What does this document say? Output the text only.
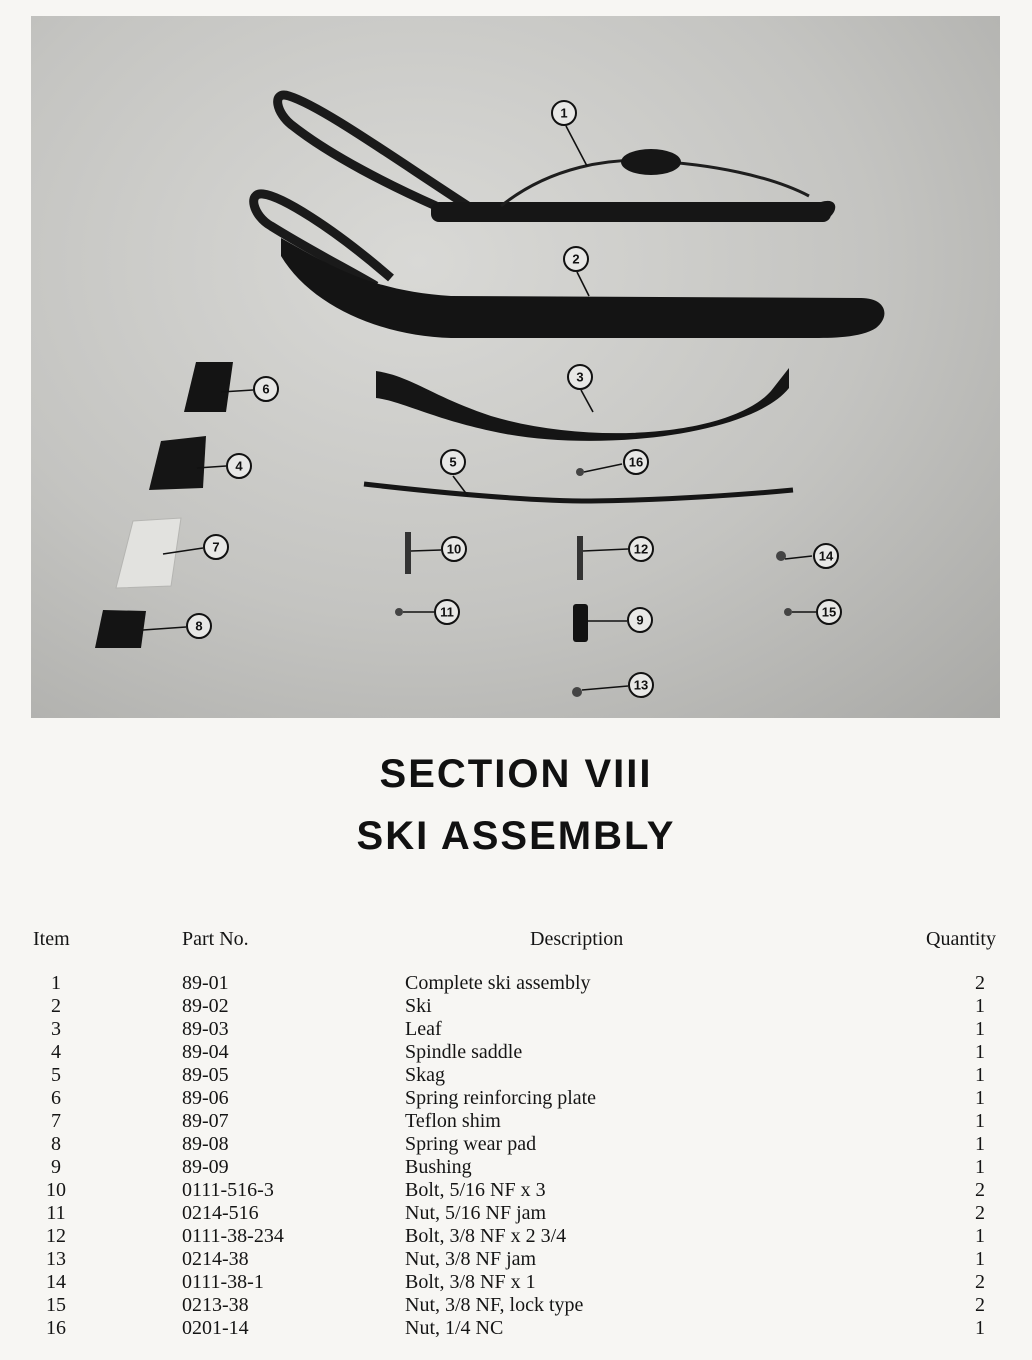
1
2
3
4	5
6
7
8	9
10
11
12
13
14
15
16
SECTION VIII
SKI ASSEMBLY
Item	Part No.	Description	Quantity
1	89-01	Complete ski assembly	2
2	89-02	Ski	1
3	89-03	Leaf	1
4	89-04	Spindle saddle	1
5	89-05	Skag	1
6	89-06	Spring reinforcing plate	1
7	89-07	Teflon shim	1
8	89-08	Spring wear pad	1
9	89-09	Bushing	1
10	0111-516-3	Bolt, 5/16 NF x 3	2
11	0214-516	Nut, 5/16 NF jam	2
12	0111-38-234	Bolt, 3/8 NF x 2 3/4	1
13	0214-38	Nut, 3/8 NF jam	1
14	0111-38-1	Bolt, 3/8 NF x 1	2
15	0213-38	Nut, 3/8 NF, lock type	2
16	0201-14	Nut, 1/4 NC	1
